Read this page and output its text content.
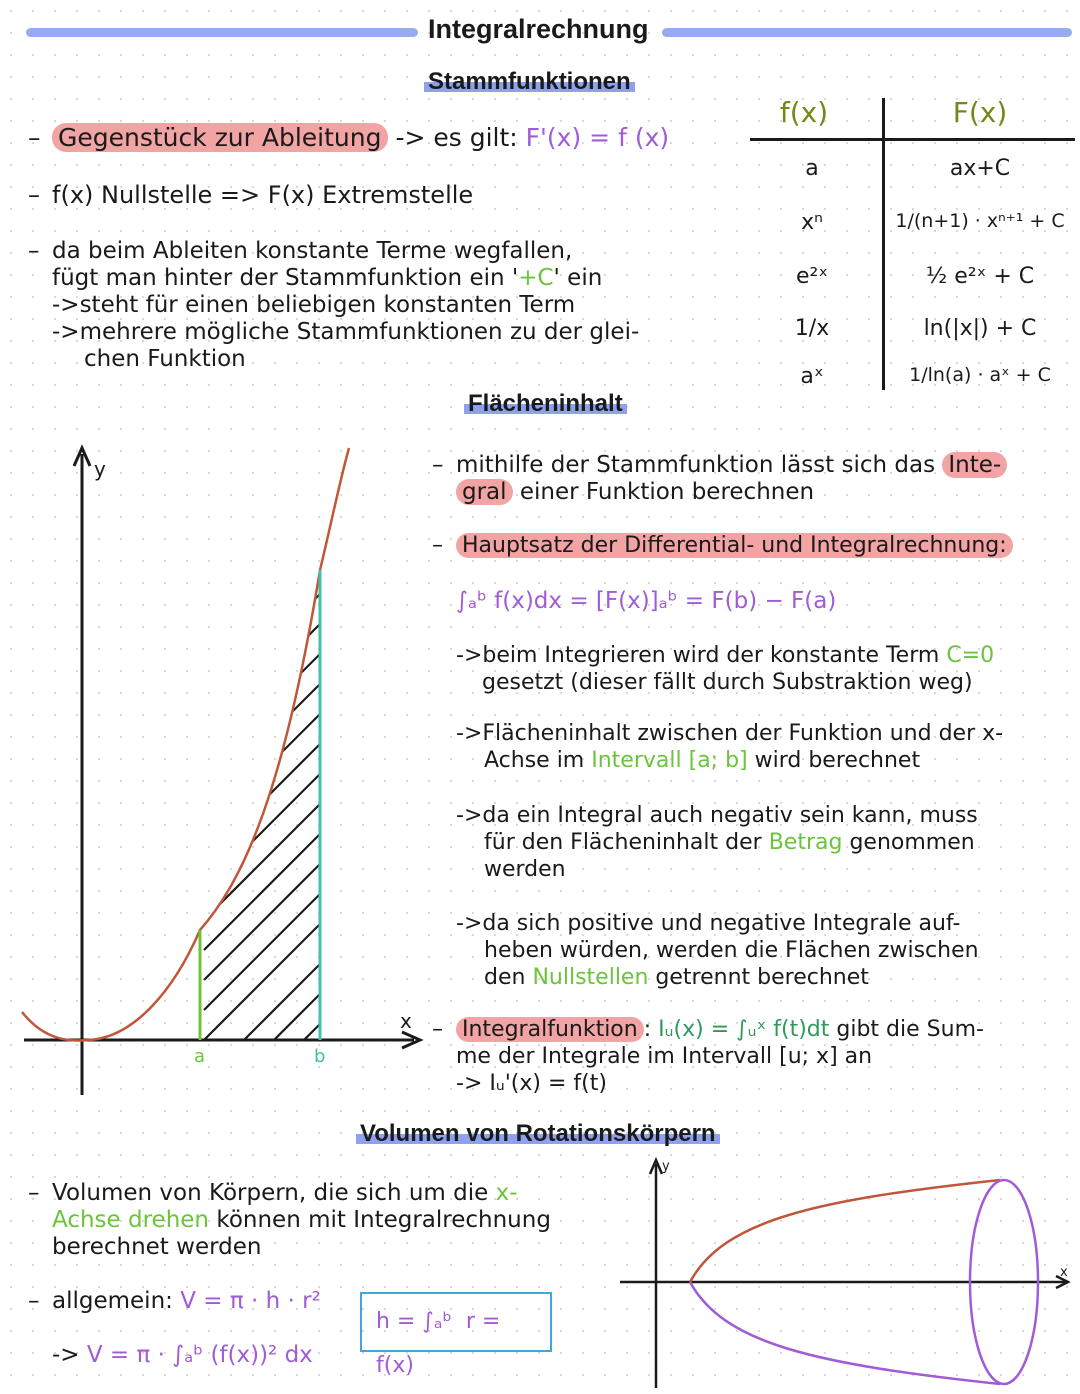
Integralrechnung
Stammfunktionen
– Gegenstück zur Ableitung -> es gilt: F'(x) = f (x)
– f(x) Nullstelle => F(x) Extremstelle
– da beim Ableiten konstante Terme wegfallen,
fügt man hinter der Stammfunktion ein '+C' ein
->steht für einen beliebigen konstanten Term
->mehrere mögliche Stammfunktionen zu der glei-
chen Funktion
f(x)	F(x)
a	ax+C
xⁿ	1/(n+1) · xⁿ⁺¹ + C
e²ˣ	½ e²ˣ + C
1/x	ln(|x|) + C
aˣ	1/ln(a) · aˣ + C
Flächeninhalt
y
x
a	b
– mithilfe der Stammfunktion lässt sich das Inte-
gral einer Funktion berechnen
– Hauptsatz der Differential- und Integralrechnung:
∫ₐᵇ f(x)dx = [F(x)]ₐᵇ = F(b) − F(a)
->beim Integrieren wird der konstante Term C=0
gesetzt (dieser fällt durch Substraktion weg)
->Flächeninhalt zwischen der Funktion und der x-
Achse im Intervall [a; b] wird berechnet
->da ein Integral auch negativ sein kann, muss
für den Flächeninhalt der Betrag genommen
werden
->da sich positive und negative Integrale auf-
heben würden, werden die Flächen zwischen
den Nullstellen getrennt berechnet
– Integralfunktion : Iᵤ(x) = ∫ᵤˣ f(t)dt gibt die Sum-
me der Integrale im Intervall [u; x] an
-> Iᵤ'(x) = f(t)
Volumen von Rotationskörpern
– Volumen von Körpern, die sich um die x-
Achse drehen können mit Integralrechnung
berechnet werden
– allgemein: V = π · h · r²
-> V = π · ∫ₐᵇ (f(x))² dx
h = ∫ₐᵇ r = f(x)
y
x
